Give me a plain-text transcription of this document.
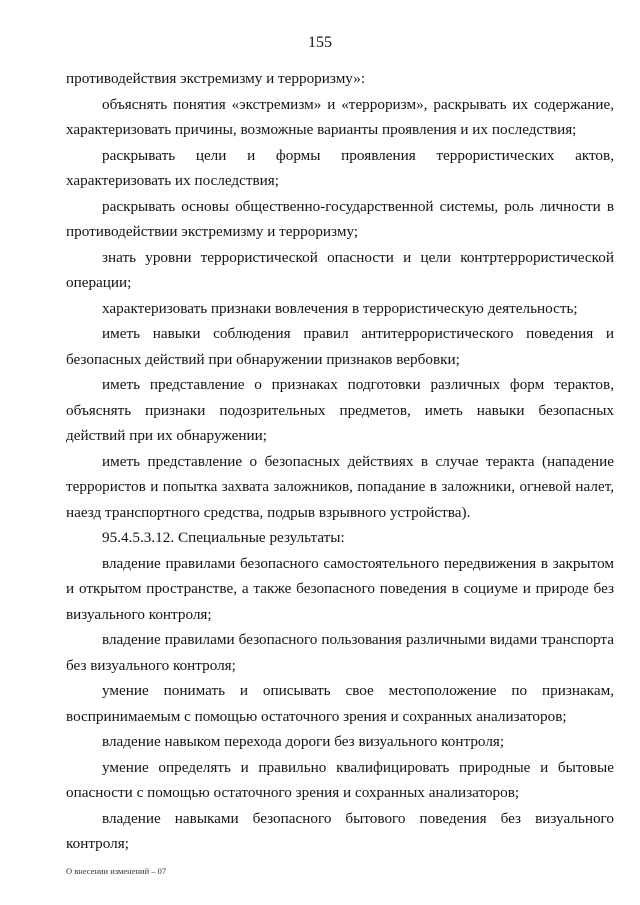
155

противодействия экстремизму и терроризму»:

объяснять понятия «экстремизм» и «терроризм», раскрывать их содержание, характеризовать причины, возможные варианты проявления и их последствия;

раскрывать цели и формы проявления террористических актов, характеризовать их последствия;

раскрывать основы общественно-государственной системы, роль личности в противодействии экстремизму и терроризму;

знать уровни террористической опасности и цели контртеррористической операции;

характеризовать признаки вовлечения в террористическую деятельность;

иметь навыки соблюдения правил антитеррористического поведения и безопасных действий при обнаружении признаков вербовки;

иметь представление о признаках подготовки различных форм терактов, объяснять признаки подозрительных предметов, иметь навыки безопасных действий при их обнаружении;

иметь представление о безопасных действиях в случае теракта (нападение террористов и попытка захвата заложников, попадание в заложники, огневой налет, наезд транспортного средства, подрыв взрывного устройства).

95.4.5.3.12. Специальные результаты:

владение правилами безопасного самостоятельного передвижения в закрытом и открытом пространстве, а также безопасного поведения в социуме и природе без визуального контроля;

владение правилами безопасного пользования различными видами транспорта без визуального контроля;

умение понимать и описывать свое местоположение по признакам, воспринимаемым с помощью остаточного зрения и сохранных анализаторов;

владение навыком перехода дороги без визуального контроля;

умение определять и правильно квалифицировать природные и бытовые опасности с помощью остаточного зрения и сохранных анализаторов;

владение навыками безопасного бытового поведения без визуального контроля;

О внесении изменений – 07
